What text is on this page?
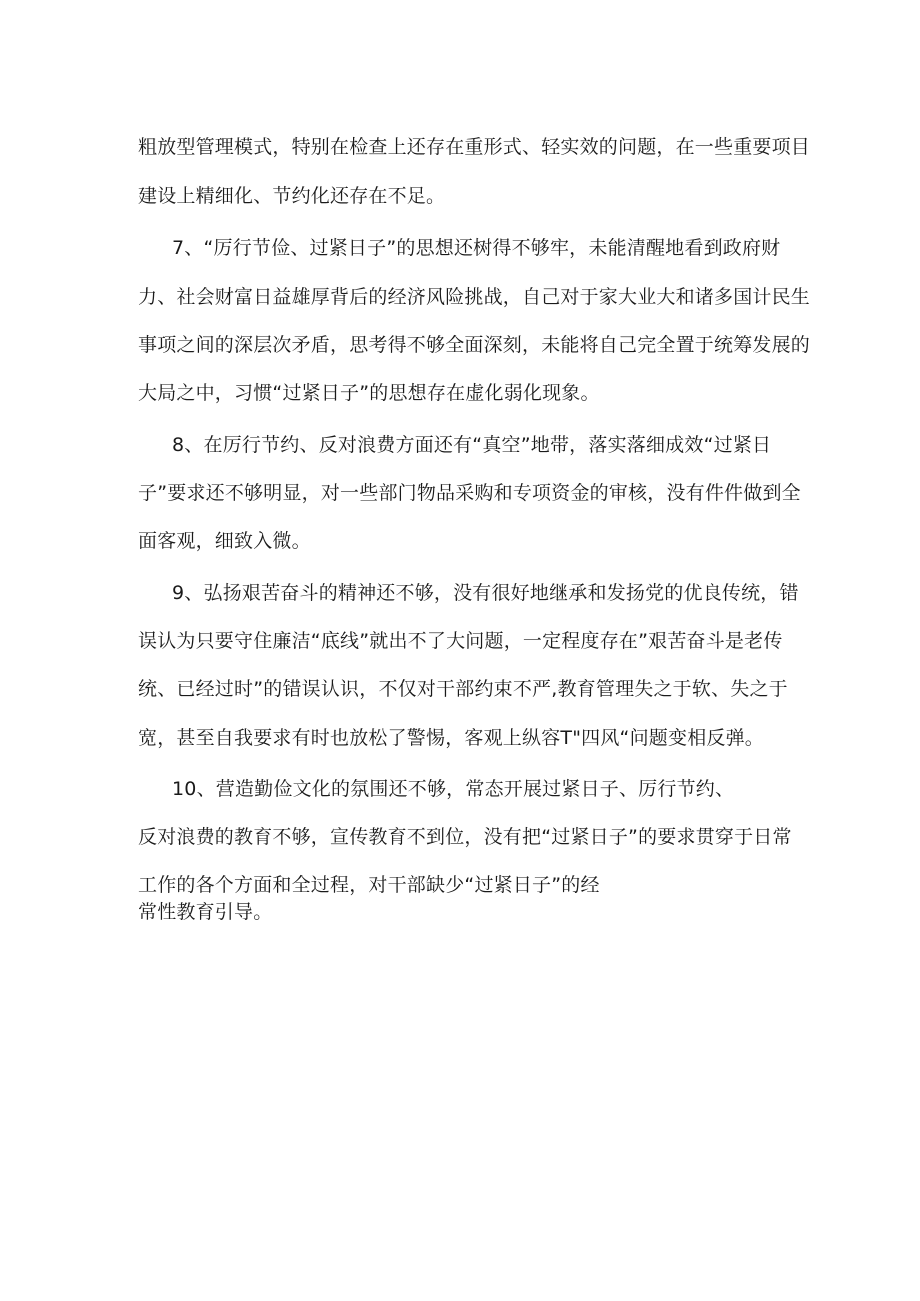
粗放型管理模式，特别在检查上还存在重形式、轻实效的问题，在一些重要项目
建设上精细化、节约化还存在不足。
7、“厉行节俭、过紧日子”的思想还树得不够牢，未能清醒地看到政府财
力、社会财富日益雄厚背后的经济风险挑战，自己对于家大业大和诸多国计民生
事项之间的深层次矛盾，思考得不够全面深刻，未能将自己完全置于统筹发展的
大局之中，习惯“过紧日子”的思想存在虚化弱化现象。
8、在厉行节约、反对浪费方面还有“真空”地带，落实落细成效“过紧日
子”要求还不够明显，对一些部门物品采购和专项资金的审核，没有件件做到全
面客观，细致入微。
9、弘扬艰苦奋斗的精神还不够，没有很好地继承和发扬党的优良传统，错
误认为只要守住廉洁“底线”就出不了大问题，一定程度存在”艰苦奋斗是老传
统、已经过时”的错误认识，不仅对干部约束不严,教育管理失之于软、失之于
宽，甚至自我要求有时也放松了警惕，客观上纵容T"四风“问题变相反弹。
10、营造勤俭文化的氛围还不够，常态开展过紧日子、厉行节约、
反对浪费的教育不够，宣传教育不到位，没有把“过紧日子”的要求贯穿于日常
工作的各个方面和全过程，对干部缺少“过紧日子”的经
常性教育引导。
